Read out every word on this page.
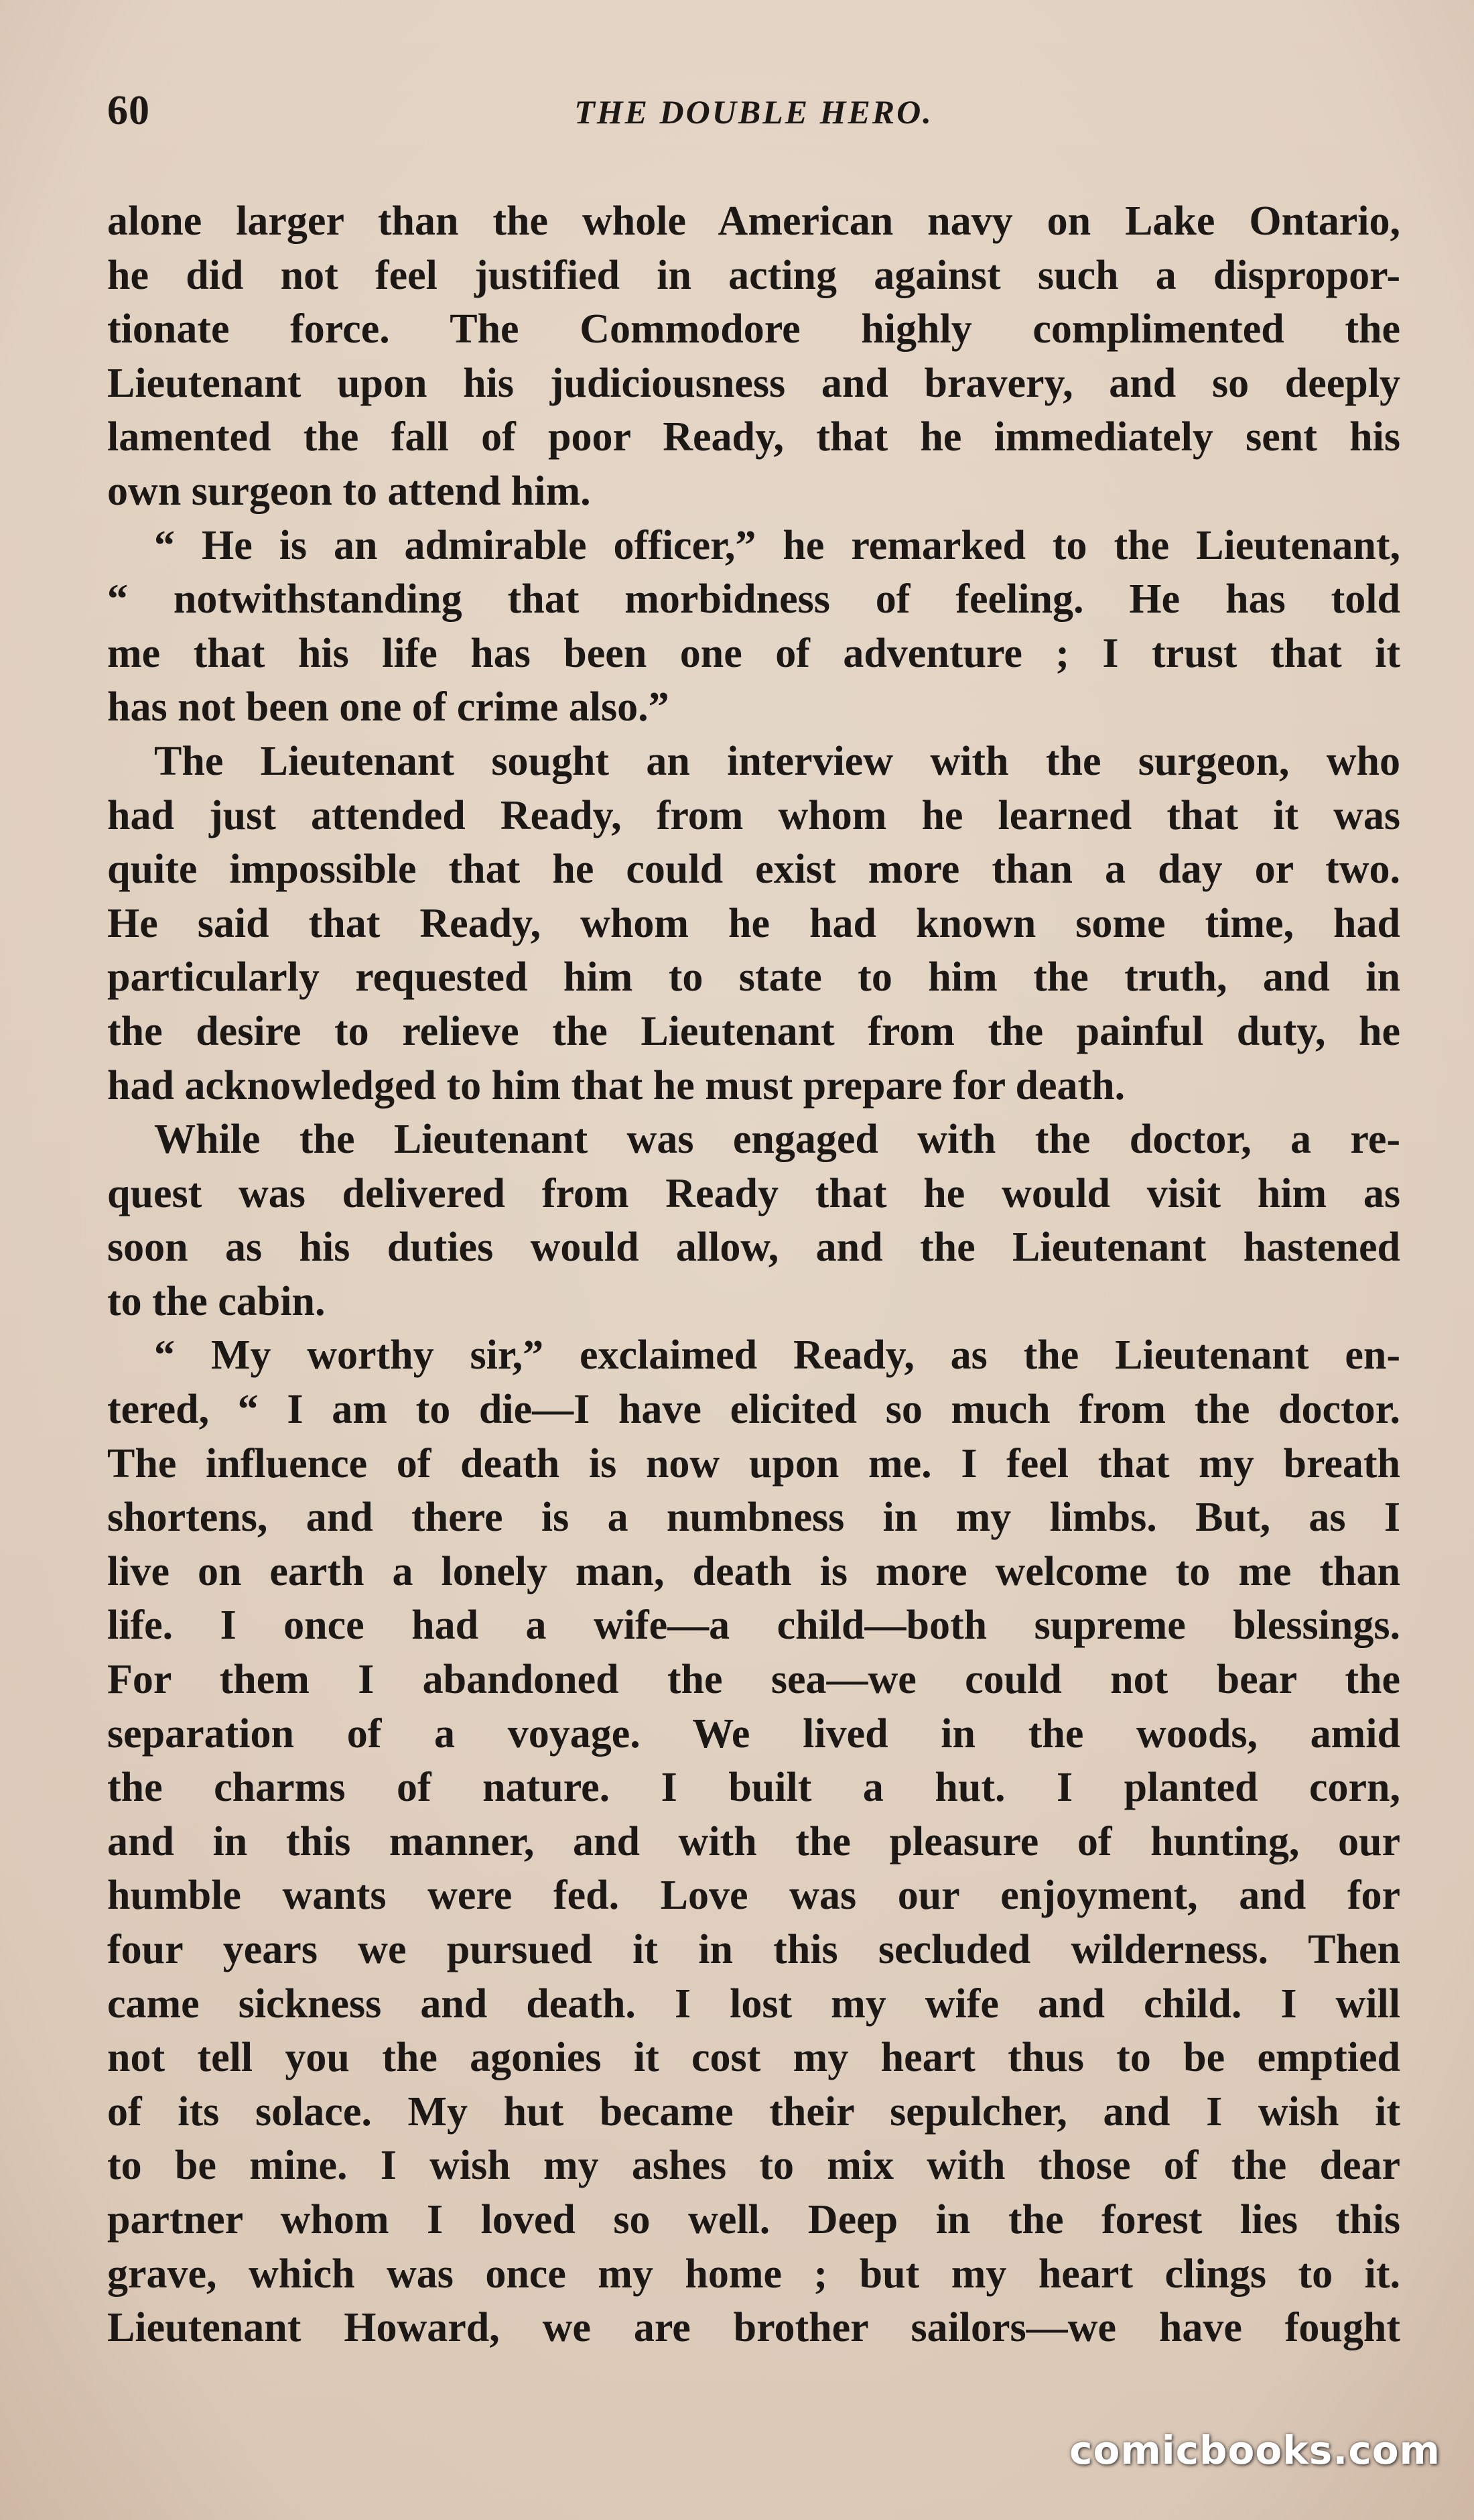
60	THE DOUBLE HERO.
alone larger than the whole American navy on Lake Ontario,
he did not feel justified in acting against such a dispropor-
tionate force. The Commodore highly complimented the
Lieutenant upon his judiciousness and bravery, and so deeply
lamented the fall of poor Ready, that he immediately sent his
own surgeon to attend him.
“ He is an admirable officer,” he remarked to the Lieutenant,
“ notwithstanding that morbidness of feeling. He has told
me that his life has been one of adventure ; I trust that it
has not been one of crime also.”
The Lieutenant sought an interview with the surgeon, who
had just attended Ready, from whom he learned that it was
quite impossible that he could exist more than a day or two.
He said that Ready, whom he had known some time, had
particularly requested him to state to him the truth, and in
the desire to relieve the Lieutenant from the painful duty, he
had acknowledged to him that he must prepare for death.
While the Lieutenant was engaged with the doctor, a re-
quest was delivered from Ready that he would visit him as
soon as his duties would allow, and the Lieutenant hastened
to the cabin.
“ My worthy sir,” exclaimed Ready, as the Lieutenant en-
tered, “ I am to die—I have elicited so much from the doctor.
The influence of death is now upon me. I feel that my breath
shortens, and there is a numbness in my limbs. But, as I
live on earth a lonely man, death is more welcome to me than
life. I once had a wife—a child—both supreme blessings.
For them I abandoned the sea—we could not bear the
separation of a voyage. We lived in the woods, amid
the charms of nature. I built a hut. I planted corn,
and in this manner, and with the pleasure of hunting, our
humble wants were fed. Love was our enjoyment, and for
four years we pursued it in this secluded wilderness. Then
came sickness and death. I lost my wife and child. I will
not tell you the agonies it cost my heart thus to be emptied
of its solace. My hut became their sepulcher, and I wish it
to be mine. I wish my ashes to mix with those of the dear
partner whom I loved so well. Deep in the forest lies this
grave, which was once my home ; but my heart clings to it.
Lieutenant Howard, we are brother sailors—we have fought
comicbooks.com
